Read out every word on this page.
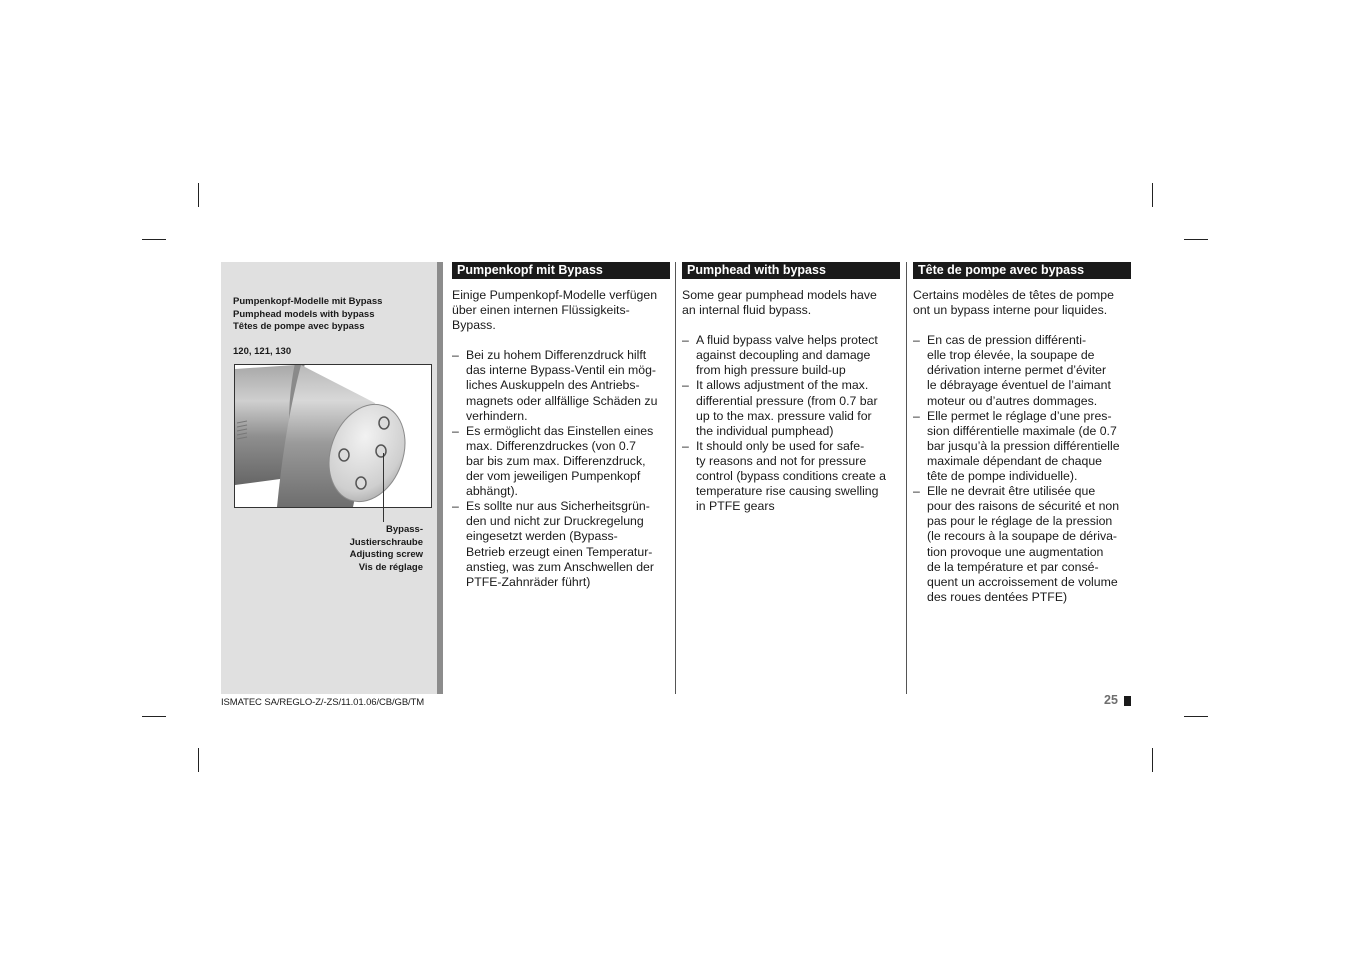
Pumpenkopf-Modelle mit Bypass
Pumphead models with bypass
Têtes de pompe avec bypass
120, 121, 130
Bypass-
Justierschraube
Adjusting screw
Vis de réglage
Pumpenkopf mit Bypass
Einige Pumpenkopf-Modelle verfügen
über einen internen Flüssigkeits-
Bypass.
– Bei zu hohem Differenzdruck hilft
das interne Bypass-Ventil ein mög-
liches Auskuppeln des Antriebs-
magnets oder allfällige Schäden zu
verhindern.
– Es ermöglicht das Einstellen eines
max. Differenzdruckes (von 0.7
bar bis zum max. Differenzdruck,
der vom jeweiligen Pumpenkopf
abhängt).
– Es sollte nur aus Sicherheitsgrün-
den und nicht zur Druckregelung
eingesetzt werden (Bypass-
Betrieb erzeugt einen Temperatur-
anstieg, was zum Anschwellen der
PTFE-Zahnräder führt)
Pumphead with bypass
Some gear pumphead models have
an internal fluid bypass.
– A fluid bypass valve helps protect
against decoupling and damage
from high pressure build-up
– It allows adjustment of the max.
differential pressure (from 0.7 bar
up to the max. pressure valid for
the individual pumphead)
– It should only be used for safe-
ty reasons and not for pressure
control (bypass conditions create a
temperature rise causing swelling
in PTFE gears
Tête de pompe avec bypass
Certains modèles de têtes de pompe
ont un bypass interne pour liquides.
– En cas de pression différenti-
elle trop élevée, la soupape de
dérivation interne permet d’éviter
le débrayage éventuel de l’aimant
moteur ou d’autres dommages.
– Elle permet le réglage d’une pres-
sion différentielle maximale (de 0.7
bar jusqu’à la pression différentielle
maximale dépendant de chaque
tête de pompe individuelle).
– Elle ne devrait être utilisée que
pour des raisons de sécurité et non
pas pour le réglage de la pression
(le recours à la soupape de dériva-
tion provoque une augmentation
de la température et par consé-
quent un accroissement de volume
des roues dentées PTFE)
ISMATEC SA/REGLO-Z/-ZS/11.01.06/CB/GB/TM	25
